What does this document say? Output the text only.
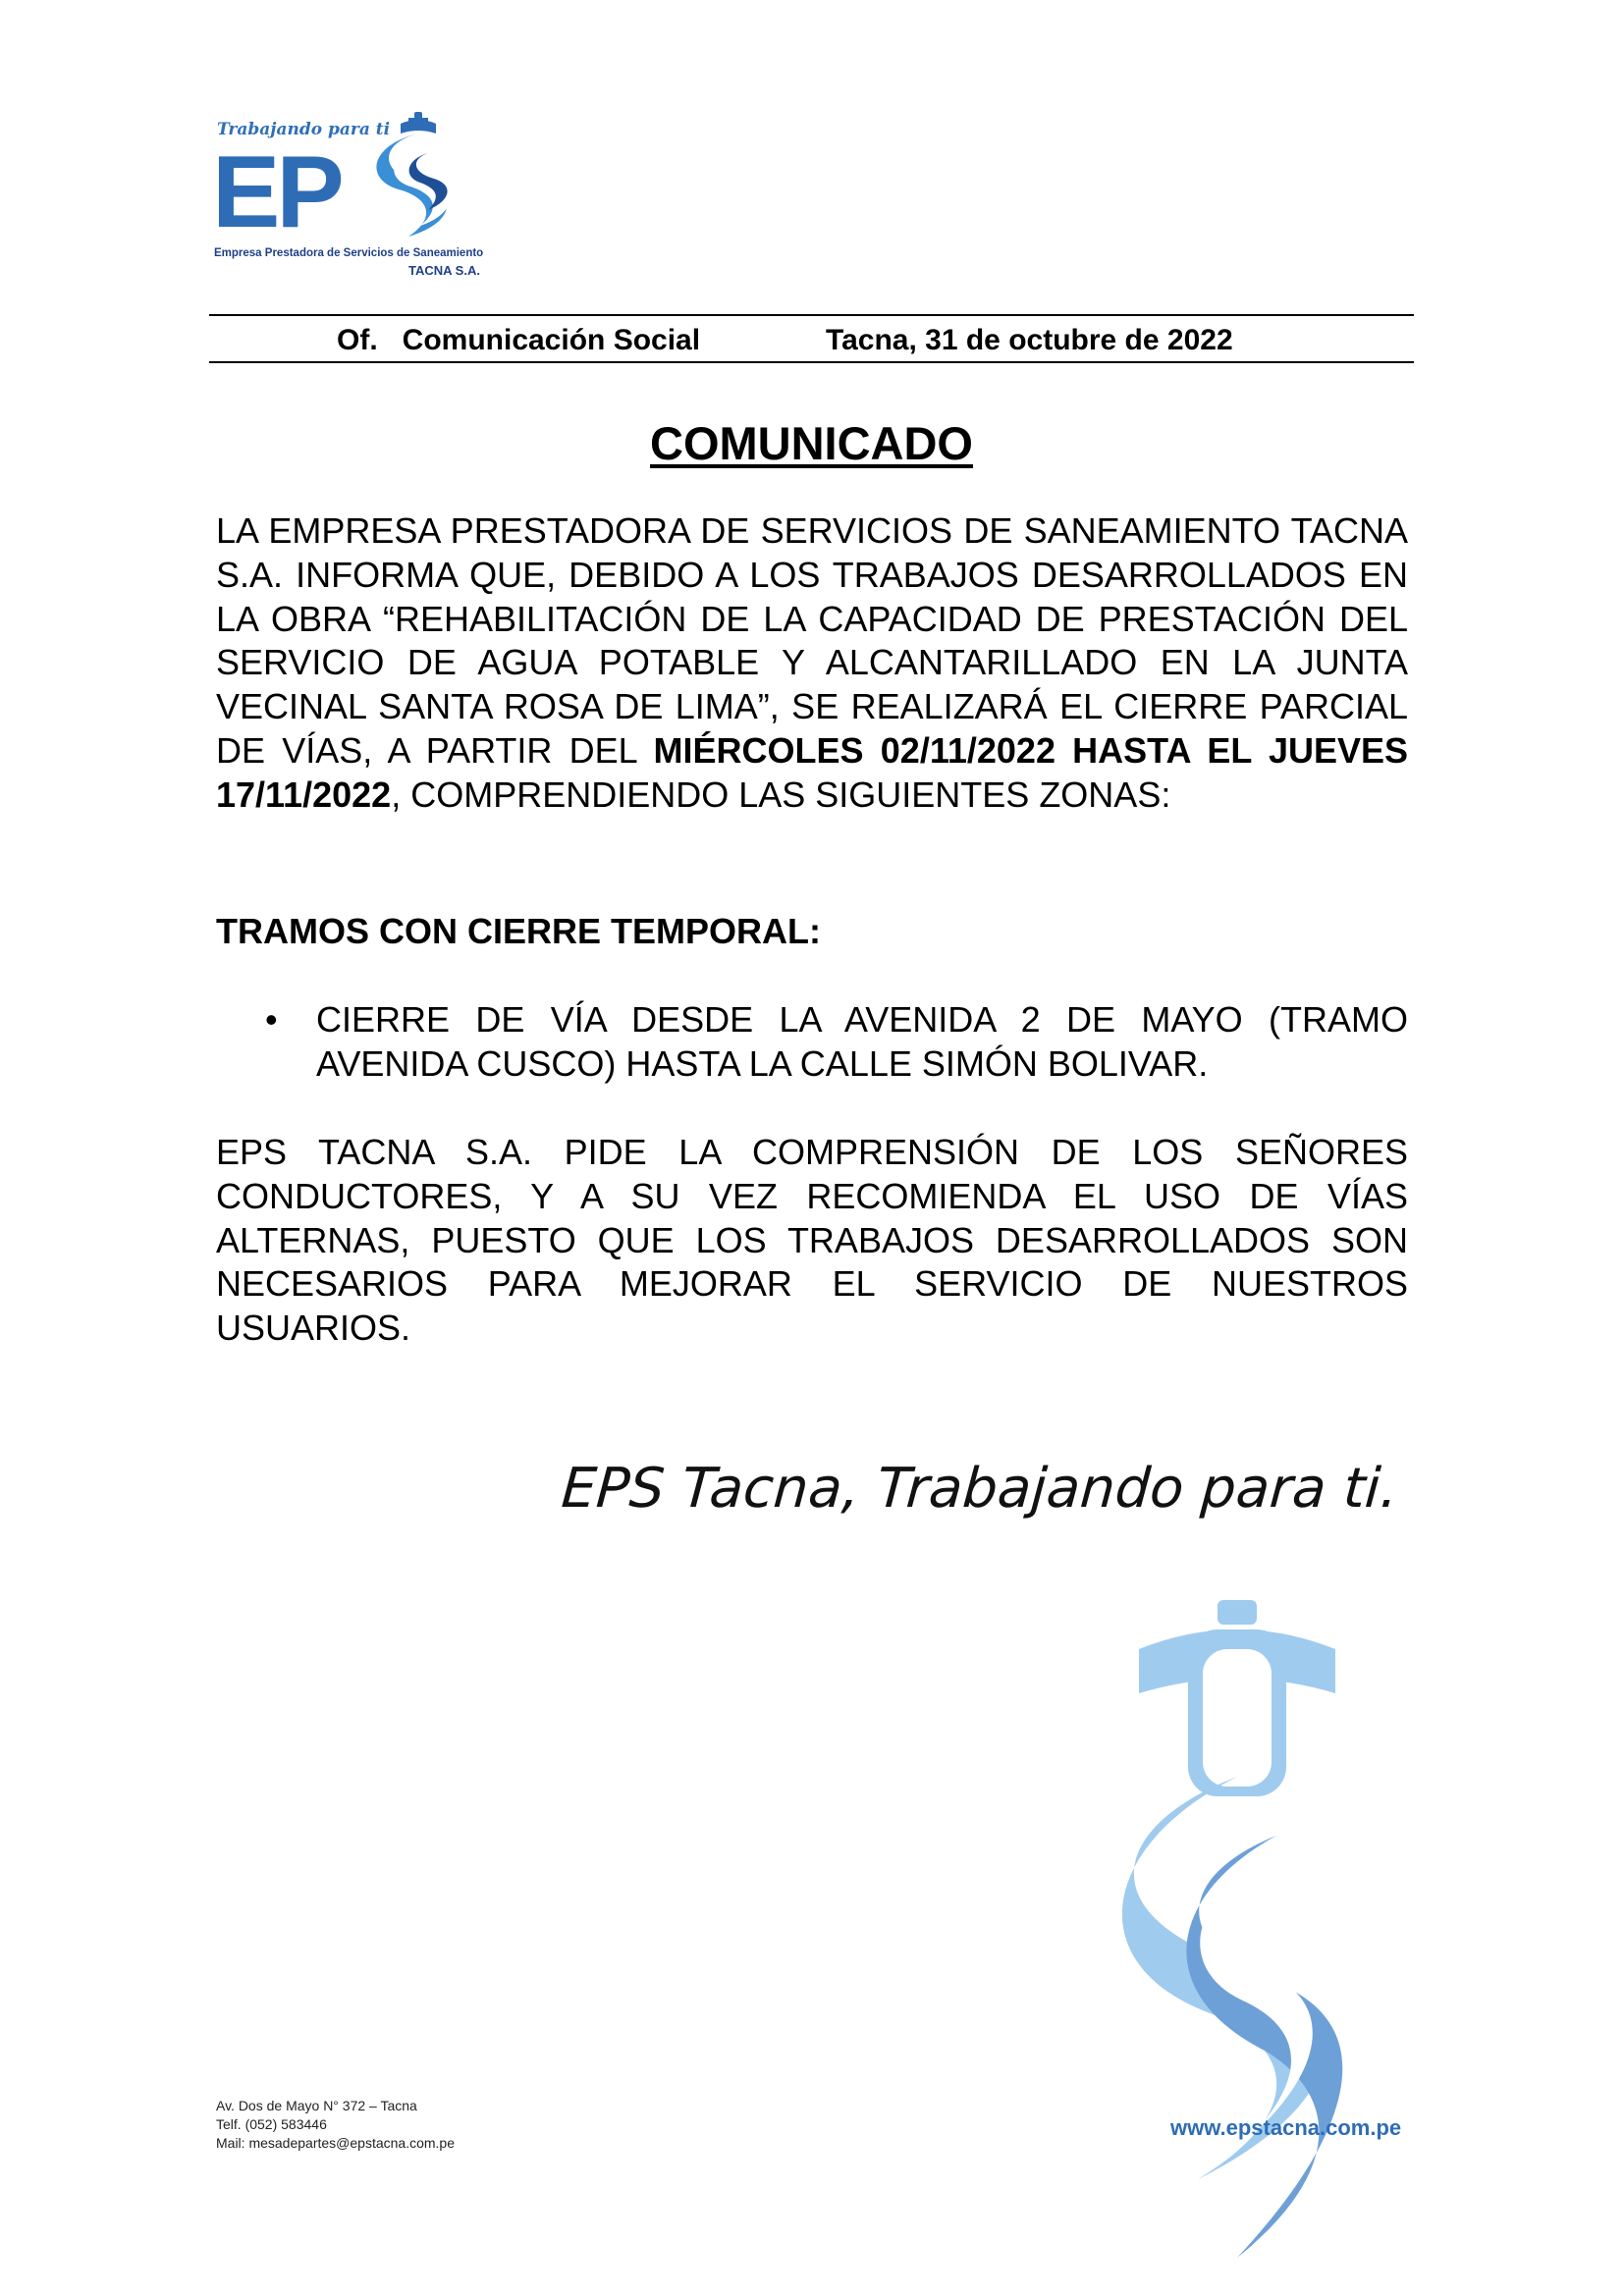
Trabajando para ti
EP
Empresa Prestadora de Servicios de Saneamiento
TACNA S.A.
Of.   Comunicación Social	Tacna, 31 de octubre de 2022
COMUNICADO
LA EMPRESA PRESTADORA DE SERVICIOS DE SANEAMIENTO TACNA S.A. INFORMA QUE, DEBIDO A LOS TRABAJOS DESARROLLADOS EN LA OBRA “REHABILITACIÓN DE LA CAPACIDAD DE PRESTACIÓN DEL SERVICIO DE AGUA POTABLE Y ALCANTARILLADO EN LA JUNTA VECINAL SANTA ROSA DE LIMA”, SE REALIZARÁ EL CIERRE PARCIAL DE VÍAS, A PARTIR DEL MIÉRCOLES 02/11/2022 HASTA EL JUEVES 17/11/2022, COMPRENDIENDO LAS SIGUIENTES ZONAS:
TRAMOS CON CIERRE TEMPORAL:
• CIERRE DE VÍA DESDE LA AVENIDA 2 DE MAYO (TRAMO AVENIDA CUSCO) HASTA LA CALLE SIMÓN BOLIVAR.
EPS TACNA S.A. PIDE LA COMPRENSIÓN DE LOS SEÑORES CONDUCTORES, Y A SU VEZ RECOMIENDA EL USO DE VÍAS ALTERNAS, PUESTO QUE LOS TRABAJOS DESARROLLADOS SON NECESARIOS PARA MEJORAR EL SERVICIO DE NUESTROS USUARIOS.
EPS Tacna, Trabajando para ti.
Av. Dos de Mayo N° 372 – Tacna
Telf. (052) 583446
Mail: mesadepartes@epstacna.com.pe
www.epstacna.com.pe
